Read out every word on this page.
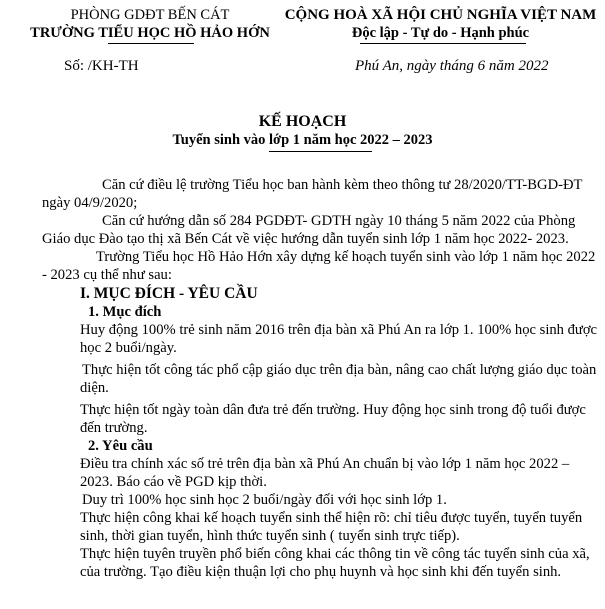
PHÒNG GDĐT BẾN CÁT
TRƯỜNG TIỂU HỌC HỒ HẢO HỚN
CỘNG HOÀ XÃ HỘI CHỦ NGHĨA VIỆT NAM
Độc lập - Tự do - Hạnh phúc
Số: /KH-TH	Phú An, ngày tháng 6 năm 2022
KẾ HOẠCH
Tuyển sinh vào lớp 1 năm học 2022 – 2023

Căn cứ điều lệ trường Tiểu học ban hành kèm theo thông tư 28/2020/TT-BGD-ĐT ngày 04/9/2020;

Căn cứ hướng dẫn số 284 PGDĐT- GDTH ngày 10 tháng 5 năm 2022 của Phòng Giáo dục Đào tạo thị xã Bến Cát về việc hướng dẫn tuyển sinh lớp 1 năm học 2022- 2023.

Trường Tiểu học Hồ Hảo Hớn xây dựng kế hoạch tuyển sinh vào lớp 1 năm học 2022 - 2023 cụ thể như sau:

I. MỤC ĐÍCH - YÊU CẦU

1. Mục đích

Huy động 100% trẻ sinh năm 2016 trên địa bàn xã Phú An ra lớp 1. 100% học sinh được học 2 buổi/ngày.

Thực hiện tốt công tác phổ cập giáo dục trên địa bàn, nâng cao chất lượng giáo dục toàn diện.

Thực hiện tốt ngày toàn dân đưa trẻ đến trường. Huy động học sinh trong độ tuổi được đến trường.

2. Yêu cầu

Điều tra chính xác số trẻ trên địa bàn xã Phú An chuẩn bị vào lớp 1 năm học 2022 – 2023. Báo cáo về PGD kịp thời.

Duy trì 100% học sinh học 2 buổi/ngày đối với học sinh lớp 1.

Thực hiện công khai kế hoạch tuyển sinh thể hiện rõ: chỉ tiêu được tuyển, tuyển tuyển sinh, thời gian tuyển, hình thức tuyển sinh ( tuyển sinh trực tiếp).

Thực hiện tuyên truyền phổ biến công khai các thông tin về công tác tuyển sinh của xã, của trường. Tạo điều kiện thuận lợi cho phụ huynh và học sinh khi đến tuyển sinh.
